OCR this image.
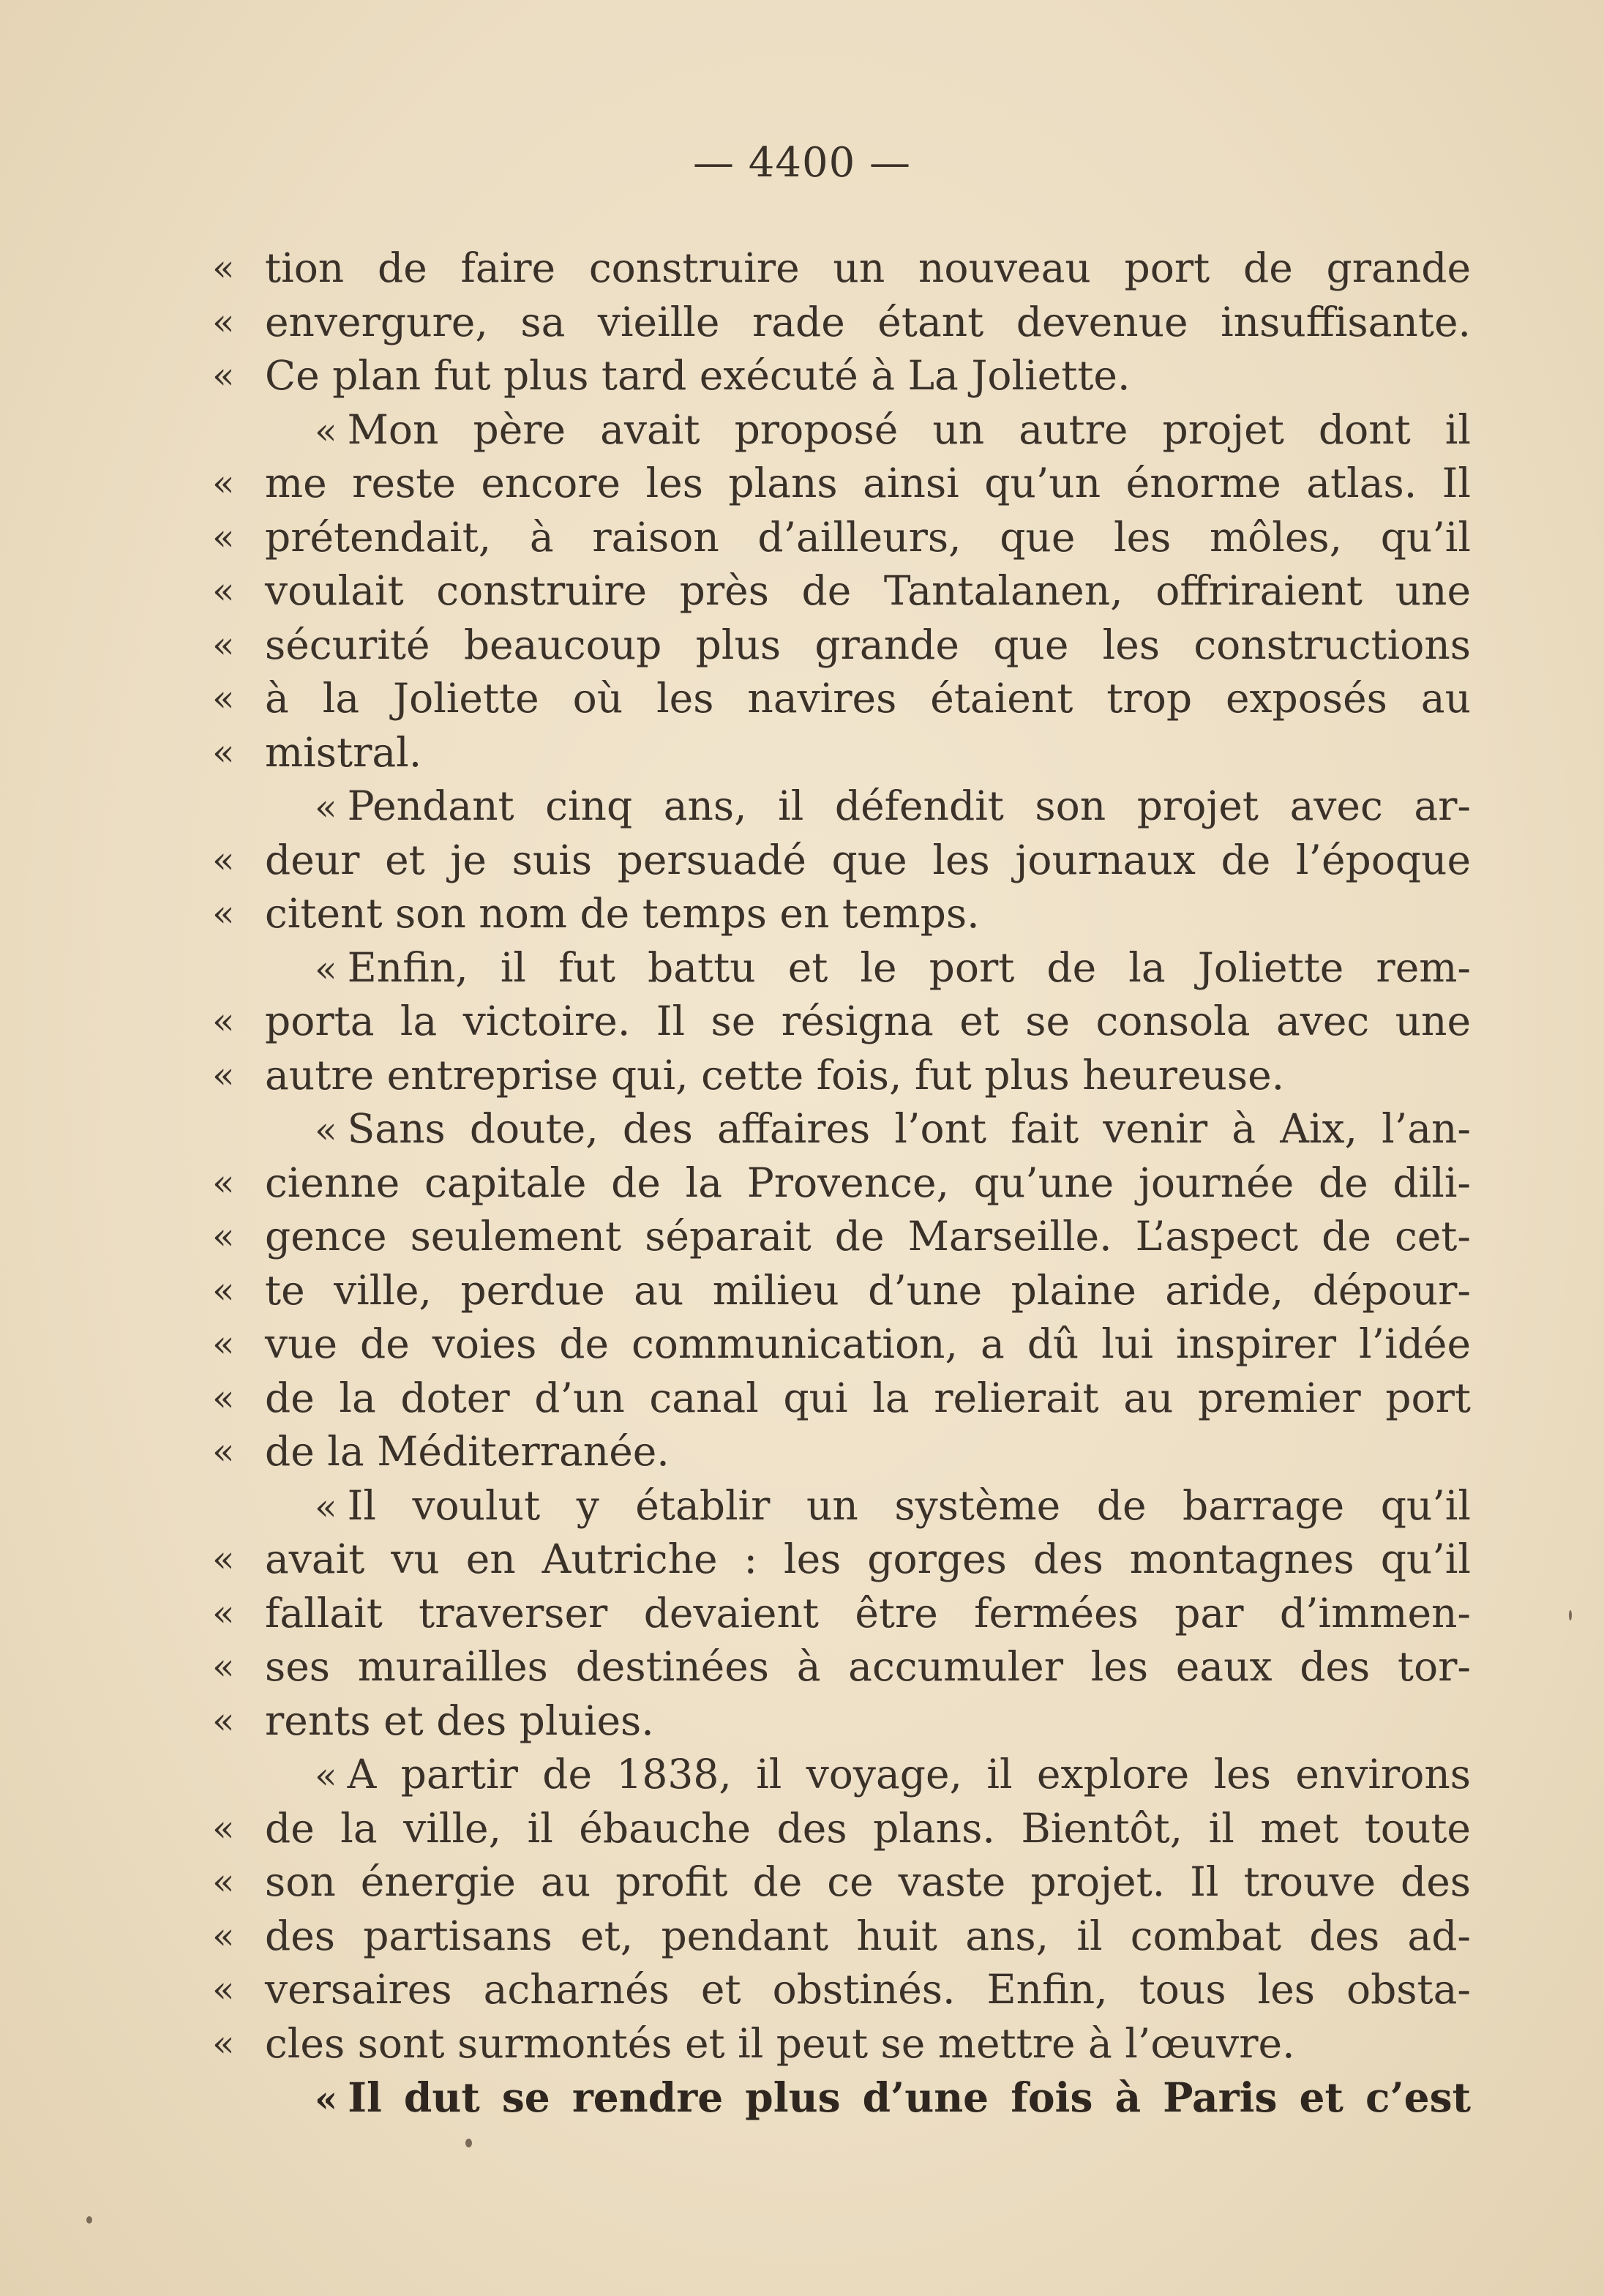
— 4400 —
« tion de faire construire un nouveau port de grande
« envergure, sa vieille rade étant devenue insuffisante.
« Ce plan fut plus tard exécuté à La Joliette.
« Mon père avait proposé un autre projet dont il
« me reste encore les plans ainsi qu’un énorme atlas. Il
« prétendait, à raison d’ailleurs, que les môles, qu’il
« voulait construire près de Tantalanen, offriraient une
« sécurité beaucoup plus grande que les constructions
« à la Joliette où les navires étaient trop exposés au
« mistral.
« Pendant cinq ans, il défendit son projet avec ar-
« deur et je suis persuadé que les journaux de l’époque
« citent son nom de temps en temps.
« Enfin, il fut battu et le port de la Joliette rem-
« porta la victoire. Il se résigna et se consola avec une
« autre entreprise qui, cette fois, fut plus heureuse.
« Sans doute, des affaires l’ont fait venir à Aix, l’an-
« cienne capitale de la Provence, qu’une journée de dili-
« gence seulement séparait de Marseille. L’aspect de cet-
« te ville, perdue au milieu d’une plaine aride, dépour-
« vue de voies de communication, a dû lui inspirer l’idée
« de la doter d’un canal qui la relierait au premier port
« de la Méditerranée.
« Il voulut y établir un système de barrage qu’il
« avait vu en Autriche : les gorges des montagnes qu’il
« fallait traverser devaient être fermées par d’immen-
« ses murailles destinées à accumuler les eaux des tor-
« rents et des pluies.
« A partir de 1838, il voyage, il explore les environs
« de la ville, il ébauche des plans. Bientôt, il met toute
« son énergie au profit de ce vaste projet. Il trouve des
« des partisans et, pendant huit ans, il combat des ad-
« versaires acharnés et obstinés. Enfin, tous les obsta-
« cles sont surmontés et il peut se mettre à l’œuvre.
« Il dut se rendre plus d’une fois à Paris et c’est
